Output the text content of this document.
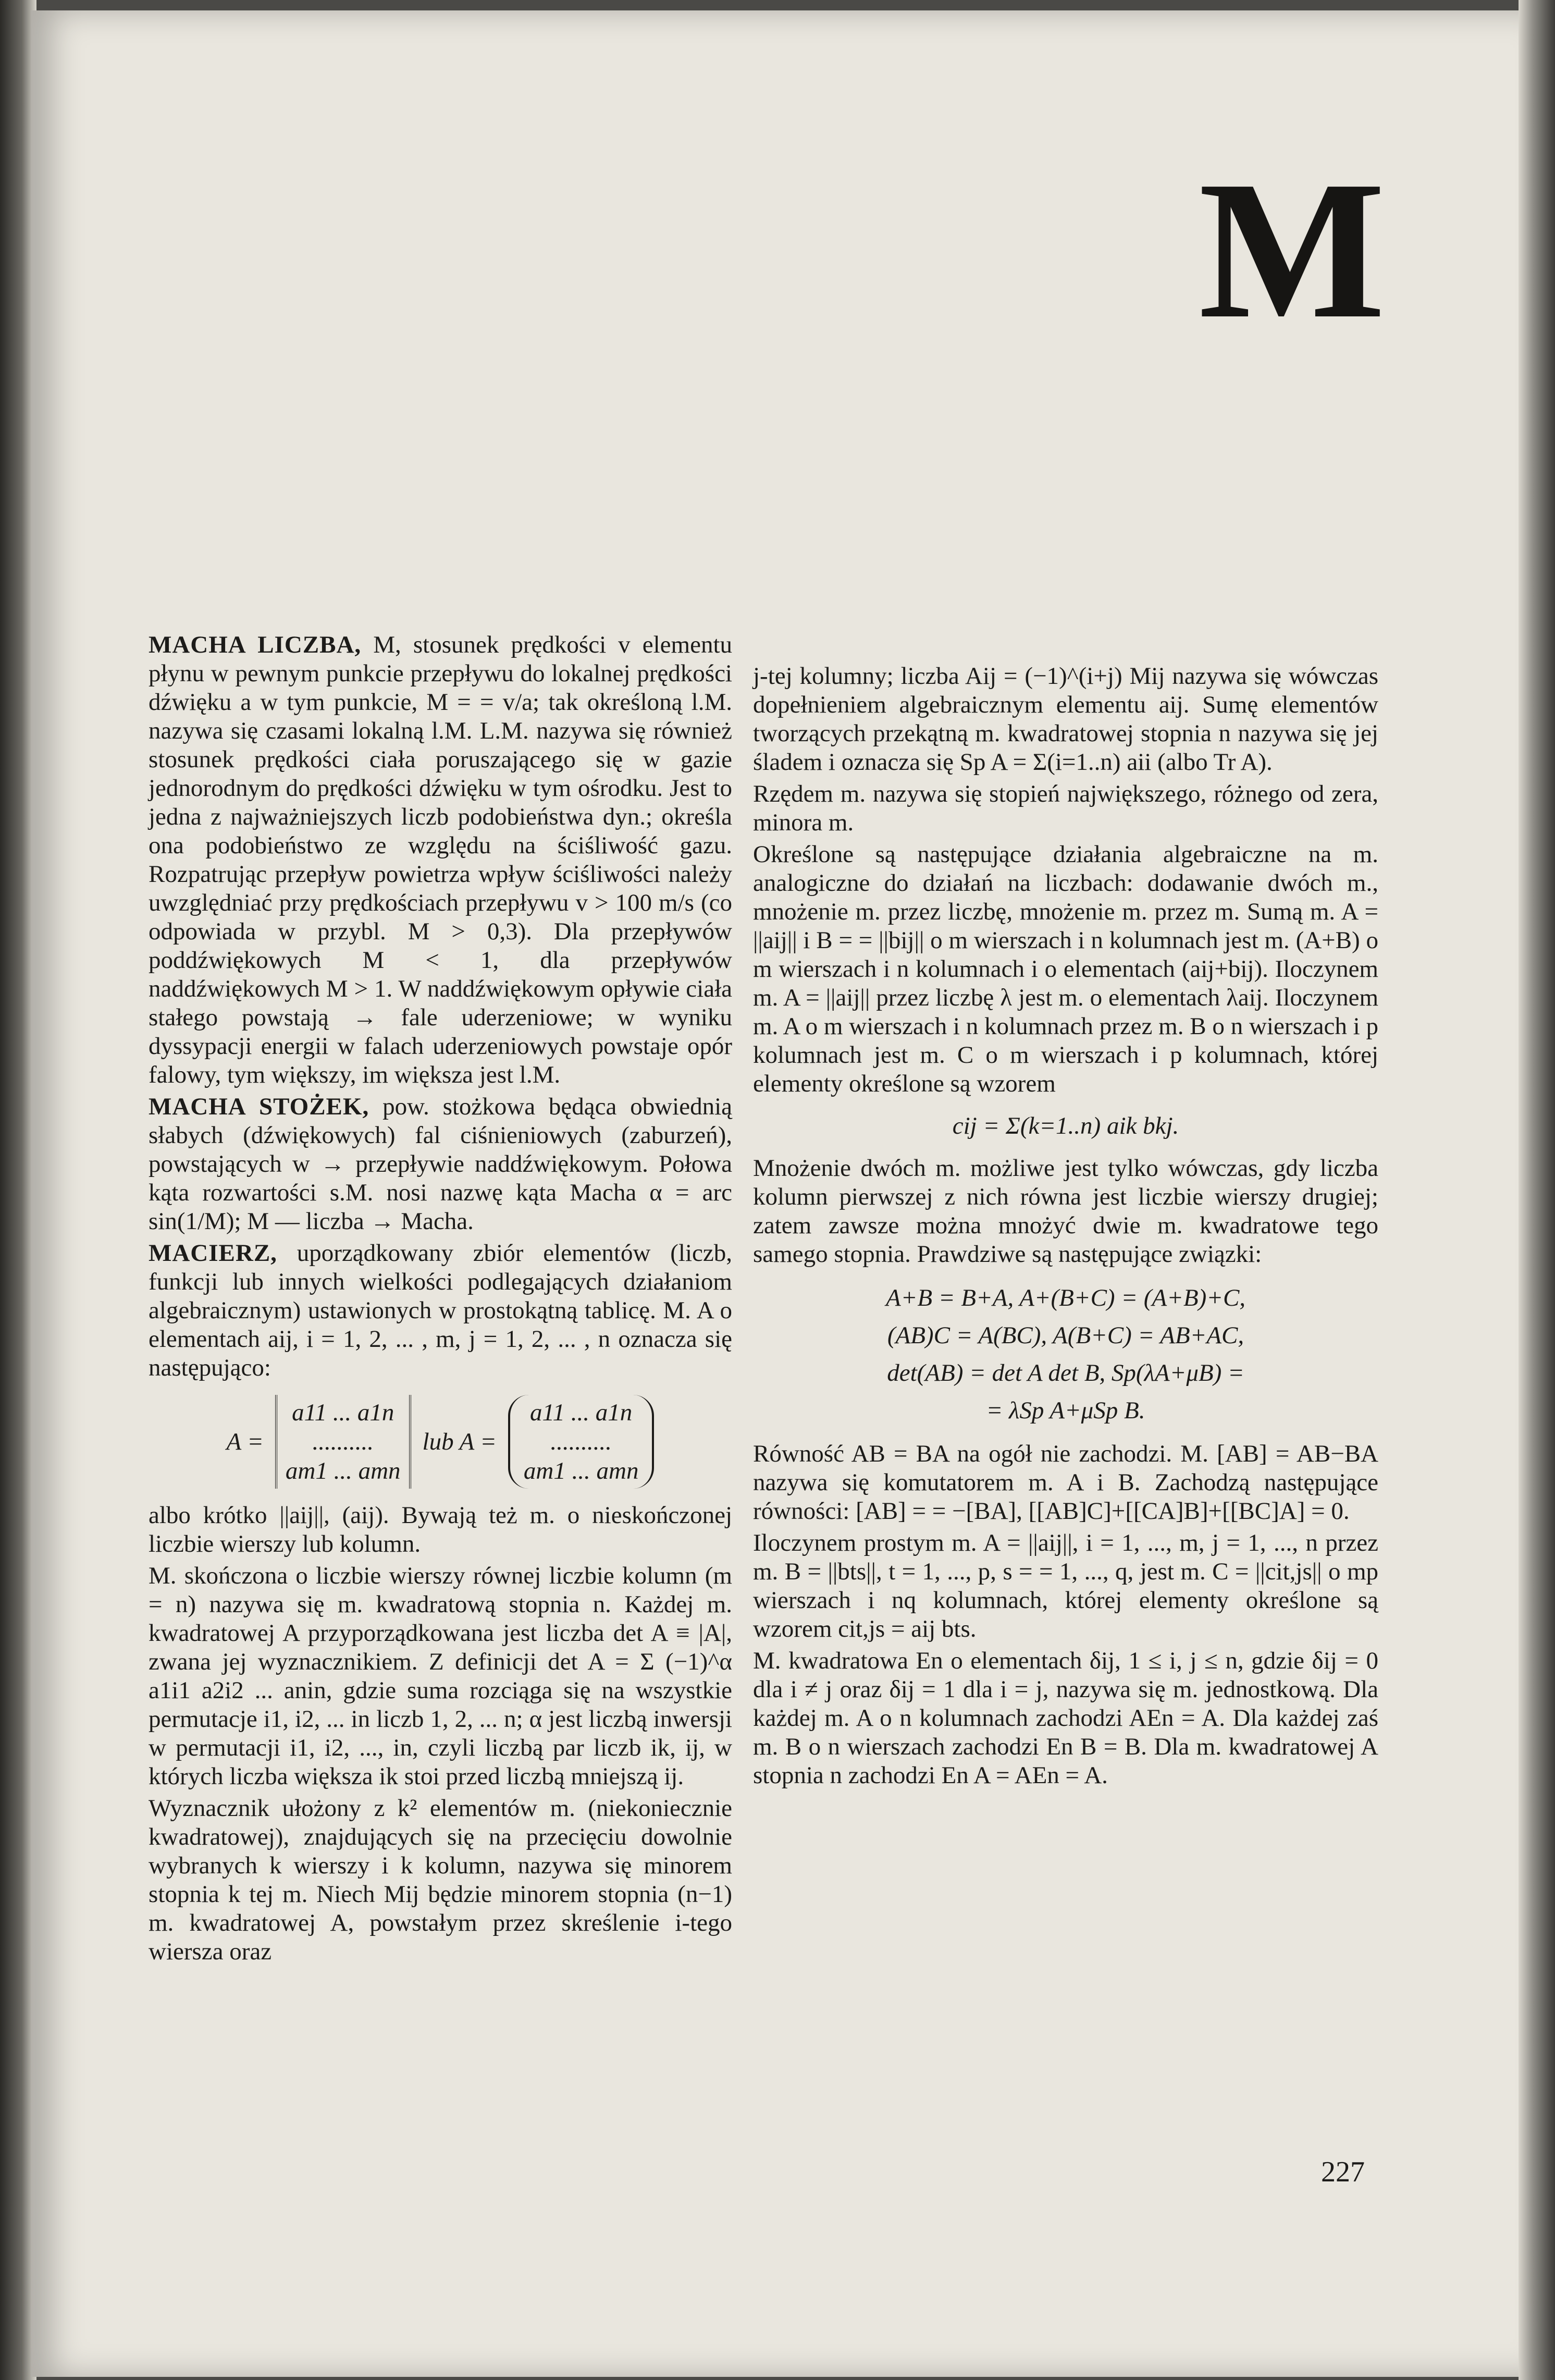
M

MACHA LICZBA, M, stosunek prędkości v elementu płynu w pewnym punkcie przepływu do lokalnej prędkości dźwięku a w tym punkcie, M = = v/a; tak określoną l.M. nazywa się czasami lokalną l.M. L.M. nazywa się również stosunek prędkości ciała poruszającego się w gazie jednorodnym do prędkości dźwięku w tym ośrodku. Jest to jedna z najważniejszych liczb podobieństwa dyn.; określa ona podobieństwo ze względu na ściśliwość gazu. Rozpatrując przepływ powietrza wpływ ściśliwości należy uwzględniać przy prędkościach przepływu v > 100 m/s (co odpowiada w przybl. M > 0,3). Dla przepływów poddźwiękowych M < 1, dla przepływów naddźwiękowych M > 1. W naddźwiękowym opływie ciała stałego powstają → fale uderzeniowe; w wyniku dyssypacji energii w falach uderzeniowych powstaje opór falowy, tym większy, im większa jest l.M.

MACHA STOŻEK, pow. stożkowa będąca obwiednią słabych (dźwiękowych) fal ciśnieniowych (zaburzeń), powstających w → przepływie naddźwiękowym. Połowa kąta rozwartości s.M. nosi nazwę kąta Macha α = arc sin(1/M); M — liczba → Macha.

MACIERZ, uporządkowany zbiór elementów (liczb, funkcji lub innych wielkości podlegających działaniom algebraicznym) ustawionych w prostokątną tablicę. M. A o elementach aij, i = 1, 2, ... , m, j = 1, 2, ... , n oznacza się następująco:

A =
a11 ... a1n
..........
am1 ... amn
lub A =
a11 ... a1n
..........
am1 ... amn

albo krótko ||aij||, (aij). Bywają też m. o nieskończonej liczbie wierszy lub kolumn.

M. skończona o liczbie wierszy równej liczbie kolumn (m = n) nazywa się m. kwadratową stopnia n. Każdej m. kwadratowej A przyporządkowana jest liczba det A ≡ |A|, zwana jej wyznacznikiem. Z definicji det A = Σ (−1)^α a1i1 a2i2 ... anin, gdzie suma rozciąga się na wszystkie permutacje i1, i2, ... in liczb 1, 2, ... n; α jest liczbą inwersji w permutacji i1, i2, ..., in, czyli liczbą par liczb ik, ij, w których liczba większa ik stoi przed liczbą mniejszą ij.

Wyznacznik ułożony z k² elementów m. (niekoniecznie kwadratowej), znajdujących się na przecięciu dowolnie wybranych k wierszy i k kolumn, nazywa się minorem stopnia k tej m. Niech Mij będzie minorem stopnia (n−1) m. kwadratowej A, powstałym przez skreślenie i-tego wiersza oraz

j-tej kolumny; liczba Aij = (−1)^(i+j) Mij nazywa się wówczas dopełnieniem algebraicznym elementu aij. Sumę elementów tworzących przekątną m. kwadratowej stopnia n nazywa się jej śladem i oznacza się Sp A = Σ(i=1..n) aii (albo Tr A).

Rzędem m. nazywa się stopień największego, różnego od zera, minora m.

Określone są następujące działania algebraiczne na m. analogiczne do działań na liczbach: dodawanie dwóch m., mnożenie m. przez liczbę, mnożenie m. przez m. Sumą m. A = ||aij|| i B = = ||bij|| o m wierszach i n kolumnach jest m. (A+B) o m wierszach i n kolumnach i o elementach (aij+bij). Iloczynem m. A = ||aij|| przez liczbę λ jest m. o elementach λaij. Iloczynem m. A o m wierszach i n kolumnach przez m. B o n wierszach i p kolumnach jest m. C o m wierszach i p kolumnach, której elementy określone są wzorem

cij = Σ(k=1..n) aik bkj.

Mnożenie dwóch m. możliwe jest tylko wówczas, gdy liczba kolumn pierwszej z nich równa jest liczbie wierszy drugiej; zatem zawsze można mnożyć dwie m. kwadratowe tego samego stopnia. Prawdziwe są następujące związki:

A+B = B+A, A+(B+C) = (A+B)+C,
(AB)C = A(BC), A(B+C) = AB+AC,
det(AB) = det A det B, Sp(λA+μB) =
= λSp A+μSp B.

Równość AB = BA na ogół nie zachodzi. M. [AB] = AB−BA nazywa się komutatorem m. A i B. Zachodzą następujące równości: [AB] = = −[BA], [[AB]C]+[[CA]B]+[[BC]A] = 0.

Iloczynem prostym m. A = ||aij||, i = 1, ..., m, j = 1, ..., n przez m. B = ||bts||, t = 1, ..., p, s = = 1, ..., q, jest m. C = ||cit,js|| o mp wierszach i nq kolumnach, której elementy określone są wzorem cit,js = aij bts.

M. kwadratowa En o elementach δij, 1 ≤ i, j ≤ n, gdzie δij = 0 dla i ≠ j oraz δij = 1 dla i = j, nazywa się m. jednostkową. Dla każdej m. A o n kolumnach zachodzi AEn = A. Dla każdej zaś m. B o n wierszach zachodzi En B = B. Dla m. kwadratowej A stopnia n zachodzi En A = AEn = A.

227
